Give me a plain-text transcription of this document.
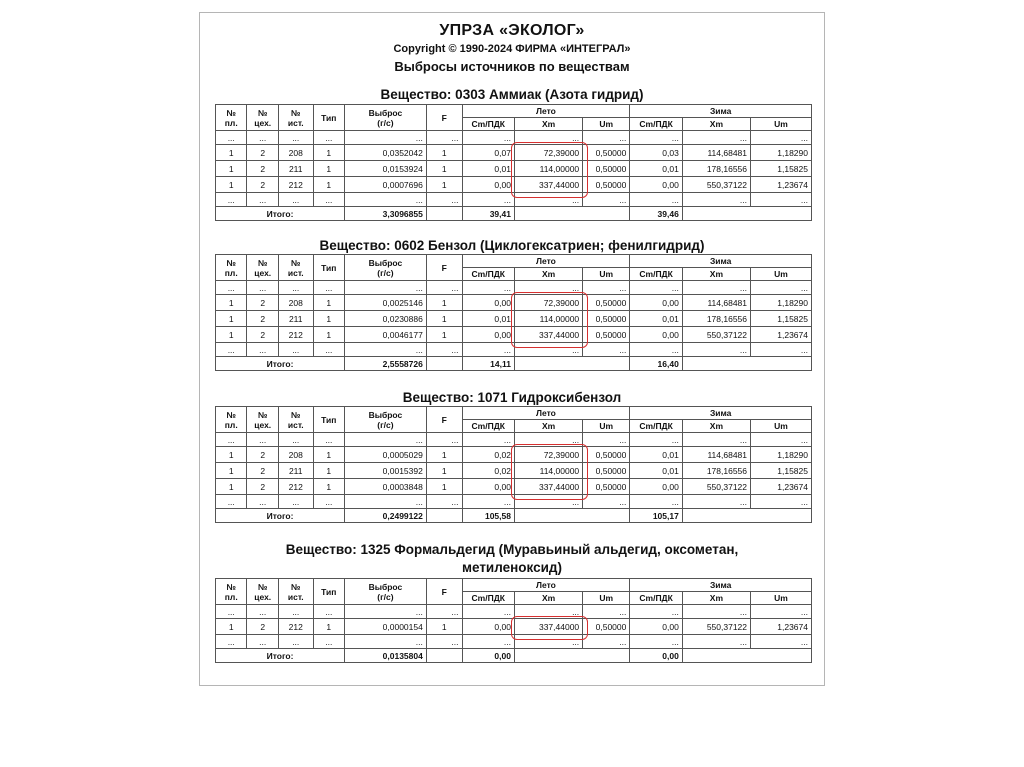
УПРЗА «ЭКОЛОГ»
Copyright © 1990-2024 ФИРМА «ИНТЕГРАЛ»
Выбросы источников по веществам
Вещество: 0303 Аммиак (Азота гидрид)
№
пл.	№
цех.	№
ист.	Тип	Выброс
(г/с)	F	Лето			Зима		
						Cm/ПДК	Xm	Um	Cm/ПДК	Xm	Um
...	...	...	...	...	...	...	...	...	...	...	...
1	2	208	1	0,0352042	1	0,07	72,39000	0,50000	0,03	114,68481	1,18290
1	2	211	1	0,0153924	1	0,01	114,00000	0,50000	0,01	178,16556	1,15825
1	2	212	1	0,0007696	1	0,00	337,44000	0,50000	0,00	550,37122	1,23674
...	...	...	...	...	...	...	...	...	...	...	...
Итого:				3,3096855		39,41			39,46		
Вещество: 0602 Бензол (Циклогексатриен; фенилгидрид)
№
пл.	№
цех.	№
ист.	Тип	Выброс
(г/с)	F	Лето			Зима		
						Cm/ПДК	Xm	Um	Cm/ПДК	Xm	Um
...	...	...	...	...	...	...	...	...	...	...	...
1	2	208	1	0,0025146	1	0,00	72,39000	0,50000	0,00	114,68481	1,18290
1	2	211	1	0,0230886	1	0,01	114,00000	0,50000	0,01	178,16556	1,15825
1	2	212	1	0,0046177	1	0,00	337,44000	0,50000	0,00	550,37122	1,23674
...	...	...	...	...	...	...	...	...	...	...	...
Итого:				2,5558726		14,11			16,40		
Вещество: 1071 Гидроксибензол
№
пл.	№
цех.	№
ист.	Тип	Выброс
(г/с)	F	Лето			Зима		
						Cm/ПДК	Xm	Um	Cm/ПДК	Xm	Um
...	...	...	...	...	...	...	...	...	...	...	...
1	2	208	1	0,0005029	1	0,02	72,39000	0,50000	0,01	114,68481	1,18290
1	2	211	1	0,0015392	1	0,02	114,00000	0,50000	0,01	178,16556	1,15825
1	2	212	1	0,0003848	1	0,00	337,44000	0,50000	0,00	550,37122	1,23674
...	...	...	...	...	...	...	...	...	...	...	...
Итого:				0,2499122		105,58			105,17		
Вещество: 1325 Формальдегид (Муравьиный альдегид, оксометан,
метиленоксид)
№
пл.	№
цех.	№
ист.	Тип	Выброс
(г/с)	F	Лето			Зима		
						Cm/ПДК	Xm	Um	Cm/ПДК	Xm	Um
...	...	...	...	...	...	...	...	...	...	...	...
1	2	212	1	0,0000154	1	0,00	337,44000	0,50000	0,00	550,37122	1,23674
...	...	...	...	...	...	...	...	...	...	...	...
Итого:				0,0135804		0,00			0,00		
